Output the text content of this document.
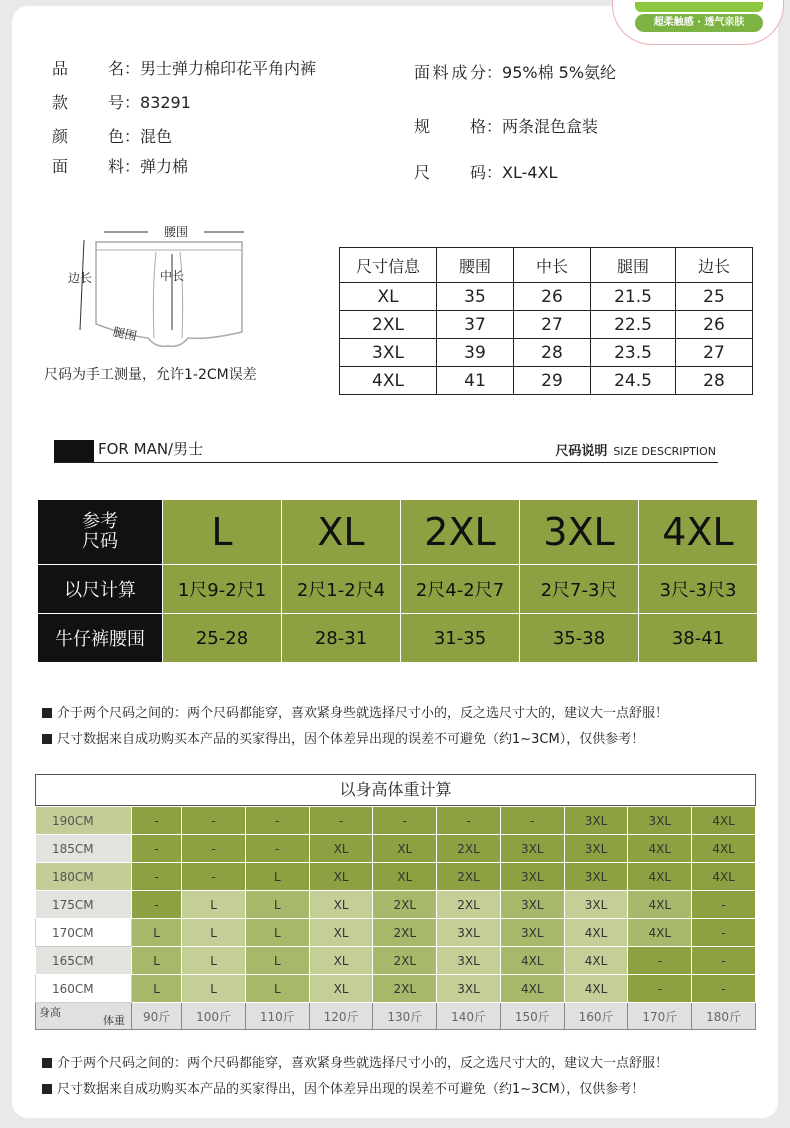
超柔触感 · 透气亲肤
品　　名：男士弹力棉印花平角内裤
款　　号：83291
颜　　色：混色
面　　料：弹力棉
面料成分：95%棉 5%氨纶
规　　格：两条混色盒装
尺　　码：XL-4XL
腰围
中长
边长
腿围
尺码为手工测量，允许1-2CM误差
尺寸信息	腰围	中长	腿围	边长
XL	35	26	21.5	25
2XL	37	27	22.5	26
3XL	39	28	23.5	27
4XL	41	29	24.5	28
FOR MAN/男士	尺码说明 SIZE DESCRIPTION
参考
尺码	L	XL	2XL	3XL	4XL
以尺计算	1尺9-2尺1	2尺1-2尺4	2尺4-2尺7	2尺7-3尺	3尺-3尺3
牛仔裤腰围	25-28	28-31	31-35	35-38	38-41
介于两个尺码之间的：两个尺码都能穿，喜欢紧身些就选择尺寸小的，反之选尺寸大的，建议大一点舒服！
尺寸数据来自成功购买本产品的买家得出，因个体差异出现的误差不可避免（约1~3CM），仅供参考！
以身高体重计算
190CM	-	-	-	-	-	-	-	3XL	3XL	4XL
185CM	-	-	-	XL	XL	2XL	3XL	3XL	4XL	4XL
180CM	-	-	L	XL	XL	2XL	3XL	3XL	4XL	4XL
175CM	-	L	L	XL	2XL	2XL	3XL	3XL	4XL	-
170CM	L	L	L	XL	2XL	3XL	3XL	4XL	4XL	-
165CM	L	L	L	XL	2XL	3XL	4XL	4XL	-	-
160CM	L	L	L	XL	2XL	3XL	4XL	4XL	-	-

身高
体重	90斤	100斤	110斤	120斤	130斤	140斤	150斤	160斤	170斤	180斤
介于两个尺码之间的：两个尺码都能穿，喜欢紧身些就选择尺寸小的，反之选尺寸大的，建议大一点舒服！
尺寸数据来自成功购买本产品的买家得出，因个体差异出现的误差不可避免（约1~3CM），仅供参考！
